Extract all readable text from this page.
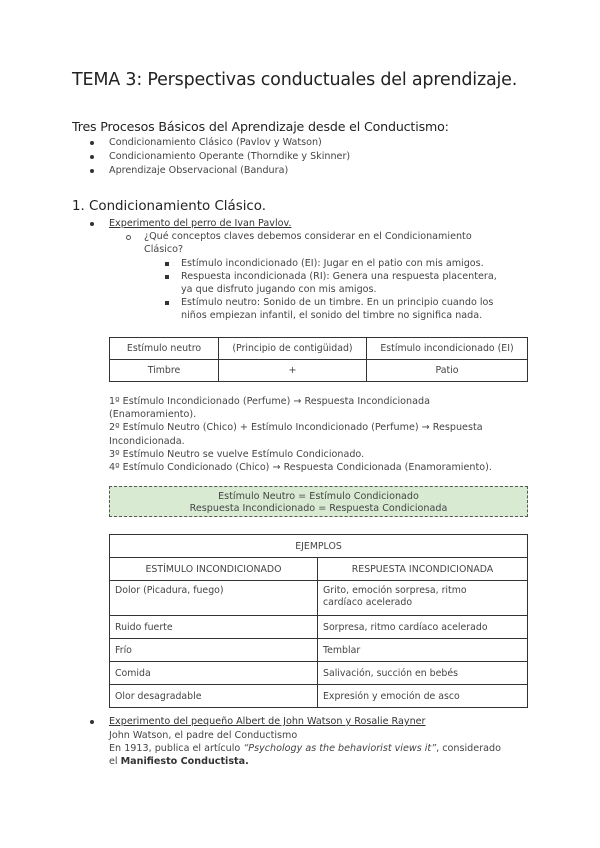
TEMA 3: Perspectivas conductuales del aprendizaje.
Tres Procesos Básicos del Aprendizaje desde el Conductismo:
Condicionamiento Clásico (Pavlov y Watson)
Condicionamiento Operante (Thorndike y Skinner)
Aprendizaje Observacional (Bandura)
1. Condicionamiento Clásico.
Experimento del perro de Ivan Pavlov.
¿Qué conceptos claves debemos considerar en el Condicionamiento
Clásico?
Estímulo incondicionado (EI): Jugar en el patio con mis amigos.
Respuesta incondicionada (RI): Genera una respuesta placentera,
ya que disfruto jugando con mis amigos.
Estímulo neutro: Sonido de un timbre. En un principio cuando los
niños empiezan infantil, el sonido del timbre no significa nada.
Estímulo neutro	(Principio de contigüidad)	Estímulo incondicionado (EI)
Timbre	+	Patio
1º Estímulo Incondicionado (Perfume) → Respuesta Incondicionada
(Enamoramiento).
2º Estímulo Neutro (Chico) + Estímulo Incondicionado (Perfume) → Respuesta
Incondicionada.
3º Estímulo Neutro se vuelve Estímulo Condicionado.
4º Estímulo Condicionado (Chico) → Respuesta Condicionada (Enamoramiento).
Estímulo Neutro = Estímulo Condicionado
Respuesta Incondicionado = Respuesta Condicionada
EJEMPLOS	
ESTÍMULO INCONDICIONADO	RESPUESTA INCONDICIONADA
Dolor (Picadura, fuego)	Grito, emoción sorpresa, ritmo
cardíaco acelerado

Ruido fuerte	Sorpresa, ritmo cardíaco acelerado
Frío	Temblar
Comida	Salivación, succión en bebés
Olor desagradable	Expresión y emoción de asco
Experimento del pequeño Albert de John Watson y Rosalie Rayner
John Watson, el padre del Conductismo
En 1913, publica el artículo “Psychology as the behaviorist views it”, considerado
el Manifiesto Conductista.
